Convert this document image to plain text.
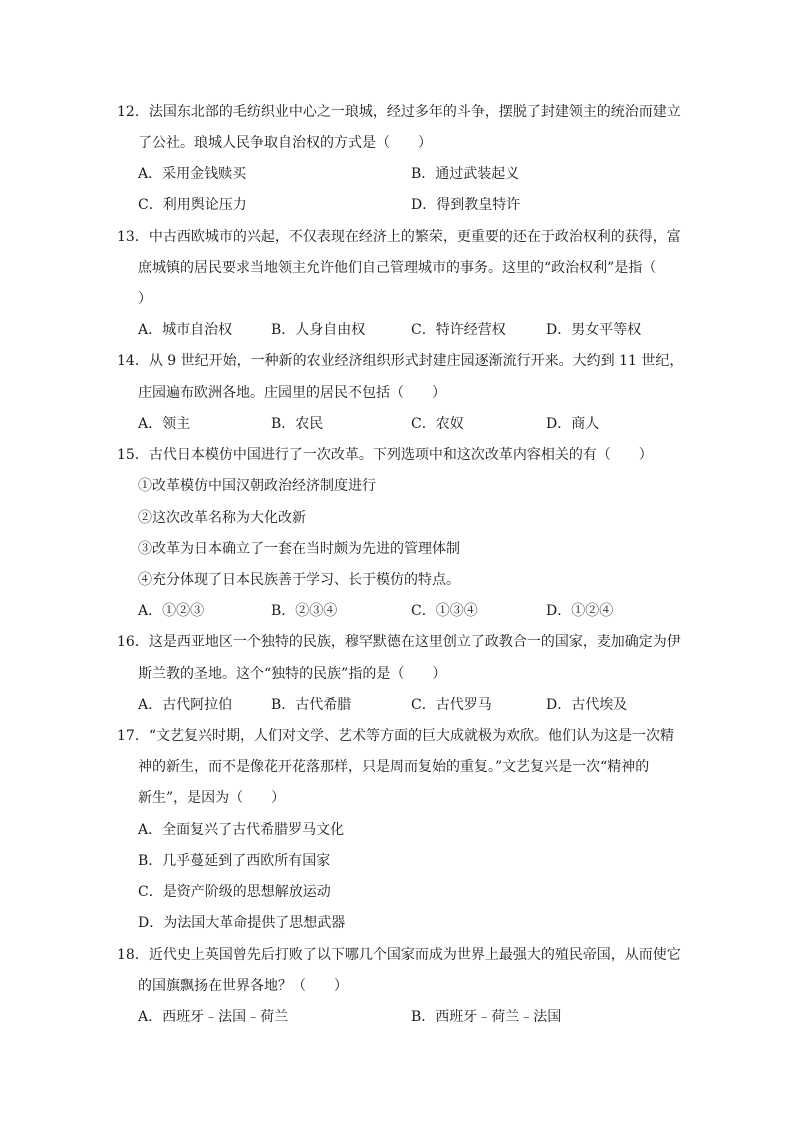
12．法国东北部的毛纺织业中心之一琅城，经过多年的斗争，摆脱了封建领主的统治而建立
了公社。琅城人民争取自治权的方式是（　　）
A．采用金钱赎买	B．通过武装起义
C．利用舆论压力	D．得到教皇特许
13．中古西欧城市的兴起，不仅表现在经济上的繁荣，更重要的还在于政治权利的获得，富
庶城镇的居民要求当地领主允许他们自己管理城市的事务。这里的“政治权利”是指（
）
A．城市自治权	B．人身自由权	C．特许经营权	D．男女平等权
14．从 9 世纪开始，一种新的农业经济组织形式封建庄园逐渐流行开来。大约到 11 世纪，
庄园遍布欧洲各地。庄园里的居民不包括（　　）
A．领主	B．农民	C．农奴	D．商人
15．古代日本模仿中国进行了一次改革。下列选项中和这次改革内容相关的有（　　）
①改革模仿中国汉朝政治经济制度进行
②这次改革名称为大化改新
③改革为日本确立了一套在当时颇为先进的管理体制
④充分体现了日本民族善于学习、长于模仿的特点。
A．①②③	B．②③④	C．①③④	D．①②④
16．这是西亚地区一个独特的民族，穆罕默德在这里创立了政教合一的国家，麦加确定为伊
斯兰教的圣地。这个“独特的民族”指的是（　　）
A．古代阿拉伯	B．古代希腊	C．古代罗马	D．古代埃及
17．“文艺复兴时期，人们对文学、艺术等方面的巨大成就极为欢欣。他们认为这是一次精
神的新生，而不是像花开花落那样，只是周而复始的重复。”文艺复兴是一次“精神的
新生”，是因为（　　）
A．全面复兴了古代希腊罗马文化
B．几乎蔓延到了西欧所有国家
C．是资产阶级的思想解放运动
D．为法国大革命提供了思想武器
18．近代史上英国曾先后打败了以下哪几个国家而成为世界上最强大的殖民帝国，从而使它
的国旗飘扬在世界各地？（　　）
A．西班牙﹣法国﹣荷兰	B．西班牙﹣荷兰﹣法国
